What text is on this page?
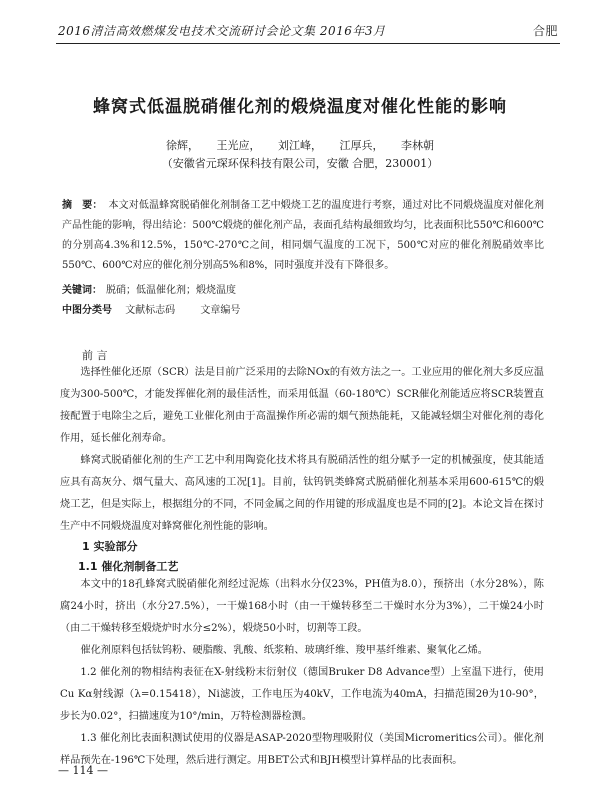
2016清洁高效燃煤发电技术交流研讨会论文集 2016年3月	合肥
蜂窝式低温脱硝催化剂的煅烧温度对催化性能的影响
徐辉， 王光应， 刘江峰， 江厚兵， 李林朝
（安徽省元琛环保科技有限公司，安徽 合肥，230001）
摘　要： 本文对低温蜂窝脱硝催化剂制备工艺中煅烧工艺的温度进行考察，通过对比不同煅烧温度对催化剂产品性能的影响，得出结论：500℃煅烧的催化剂产品，表面孔结构最细致均匀，比表面积比550℃和600℃的分别高4.3%和12.5%，150℃-270℃之间，相同烟气温度的工况下，500℃对应的催化剂脱硝效率比550℃、600℃对应的催化剂分别高5%和8%，同时强度并没有下降很多。
关键词： 脱硝；低温催化剂；煅烧温度
中图分类号 文献标志码	文章编号
前 言
选择性催化还原（SCR）法是目前广泛采用的去除NOx的有效方法之一。工业应用的催化剂大多反应温度为300-500℃，才能发挥催化剂的最佳活性，而采用低温（60-180℃）SCR催化剂能适应将SCR装置直接配置于电除尘之后，避免工业催化剂由于高温操作所必需的烟气预热能耗，又能减轻烟尘对催化剂的毒化作用，延长催化剂寿命。
蜂窝式脱硝催化剂的生产工艺中利用陶瓷化技术将具有脱硝活性的组分赋予一定的机械强度，使其能适应具有高灰分、烟气量大、高风速的工况[1]。目前，钛钨钒类蜂窝式脱硝催化剂基本采用600-615℃的煅烧工艺，但是实际上，根据组分的不同，不同金属之间的作用键的形成温度也是不同的[2]。本论文旨在探讨生产中不同煅烧温度对蜂窝催化剂性能的影响。
1 实验部分
1.1 催化剂制备工艺
本文中的18孔蜂窝式脱硝催化剂经过泥炼（出料水分仅23%，PH值为8.0），预挤出（水分28%），陈腐24小时，挤出（水分27.5%），一干燥168小时（由一干燥转移至二干燥时水分为3%），二干燥24小时（由二干燥转移至煅烧炉时水分≤2%），煅烧50小时，切割等工段。
催化剂原料包括钛钨粉、硬脂酸、乳酸、纸浆粕、玻璃纤维、羧甲基纤维素、聚氧化乙烯。
1.2 催化剂的物相结构表征在X-射线粉末衍射仪（德国Bruker D8 Advance型）上室温下进行，使用Cu Kα射线源（λ=0.15418），Ni滤波，工作电压为40kV，工作电流为40mA，扫描范围2θ为10-90°，步长为0.02°，扫描速度为10°/min，万特检测器检测。
1.3 催化剂比表面积测试使用的仪器是ASAP-2020型物理吸附仪（美国Micromeritics公司）。催化剂样品预先在-196℃下处理，然后进行测定。用BET公式和BJH模型计算样品的比表面积。
— 114 —
